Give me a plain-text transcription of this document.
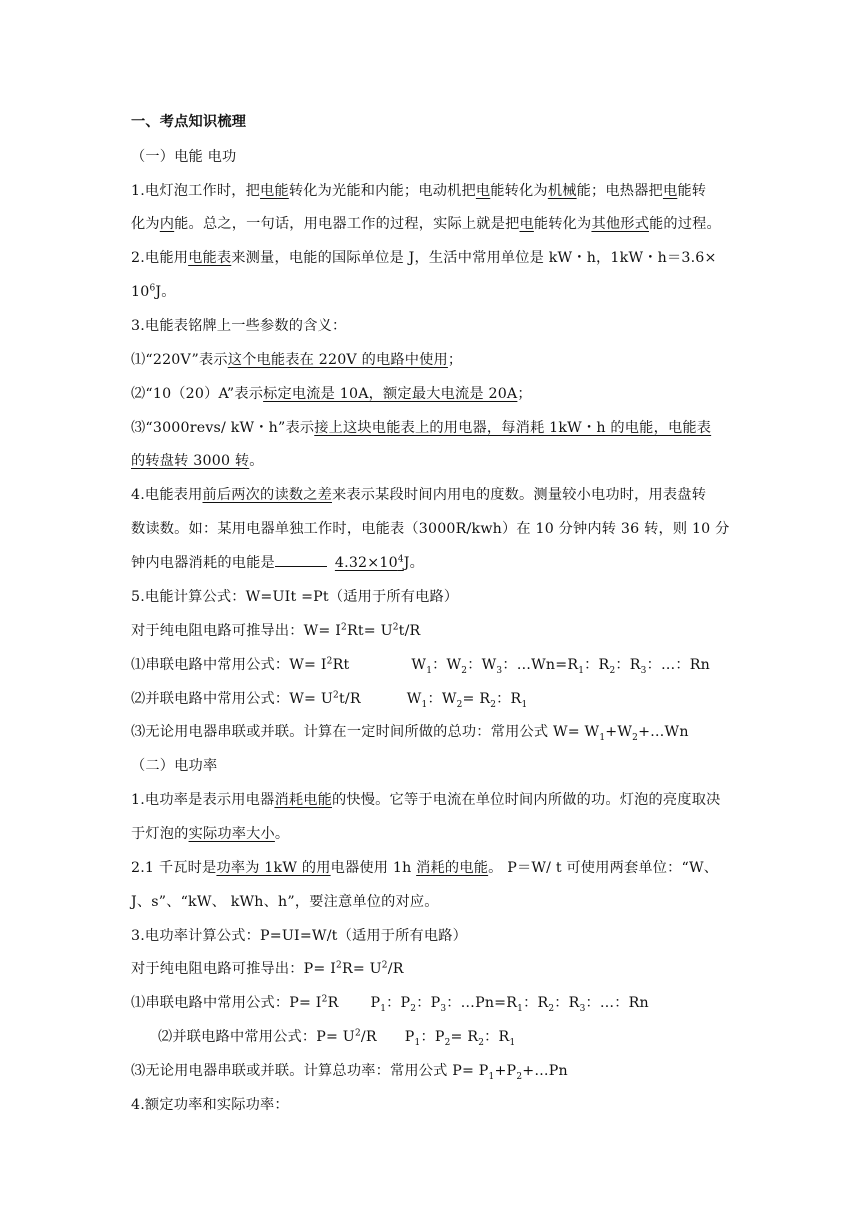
一、考点知识梳理
（一）电能 电功
1.电灯泡工作时，把电能转化为光能和内能；电动机把电能转化为机械能；电热器把电能转
化为内能。总之，一句话，用电器工作的过程，实际上就是把电能转化为其他形式能的过程。
2.电能用电能表来测量，电能的国际单位是 J，生活中常用单位是 kW・h，1kW・h＝3.6×
$10^6J$。
3.电能表铭牌上一些参数的含义：
⑴“220V”表示这个电能表在 220V 的电路中使用；
⑵“10（20）A”表示标定电流是 10A，额定最大电流是 20A；
⑶“3000revs/ kW・h”表示接上这块电能表上的用电器，每消耗 1kW・h 的电能，电能表
的转盘转 3000 转。
4.电能表用前后两次的读数之差来表示某段时间内用电的度数。测量较小电功时，用表盘转
数读数。如：某用电器单独工作时，电能表（3000R/kwh）在 10 分钟内转 36 转，则 10 分
钟内电器消耗的电能是	$4.32\times 10^4J$。
5.电能计算公式：W=UIt =Pt（适用于所有电路）
对于纯电阻电路可推导出：$W= I^2Rt= U^2t/R$
⑴串联电路中常用公式：$W= I^2Rt$	$W_1$：$W_2$：$W_3$：$\dots Wn=R_1$：$R_2$：$R_3$：…：Rn
⑵并联电路中常用公式：$W= U^2t/R$	$W_1$：$W_2= R_2$：$R_1$
⑶无论用电器串联或并联。计算在一定时间所做的总功：常用公式 $W= W_1+W_2+\dots Wn$
（二）电功率
1.电功率是表示用电器消耗电能的快慢。它等于电流在单位时间内所做的功。灯泡的亮度取决
于灯泡的实际功率大小。
2.1 千瓦时是功率为 1kW 的用电器使用 1h 消耗的电能。 P＝W/ t 可使用两套单位：“W、
J、s”、“kW、 kWh、h”，要注意单位的对应。
3.电功率计算公式：P=UI=W/t（适用于所有电路）
对于纯电阻电路可推导出：$P= I^2R= U^2/R$
⑴串联电路中常用公式：$P= I^2R$ $P_1$：$P_2$：$P_3$：$\dots Pn=R_1$：$R_2$：$R_3$：…：Rn
⑵并联电路中常用公式：$P= U^2/R$ $P_1$：$P_2= R_2$：$R_1$
⑶无论用电器串联或并联。计算总功率：常用公式 $P= P_1+P_2+\dots Pn$
4.额定功率和实际功率：
